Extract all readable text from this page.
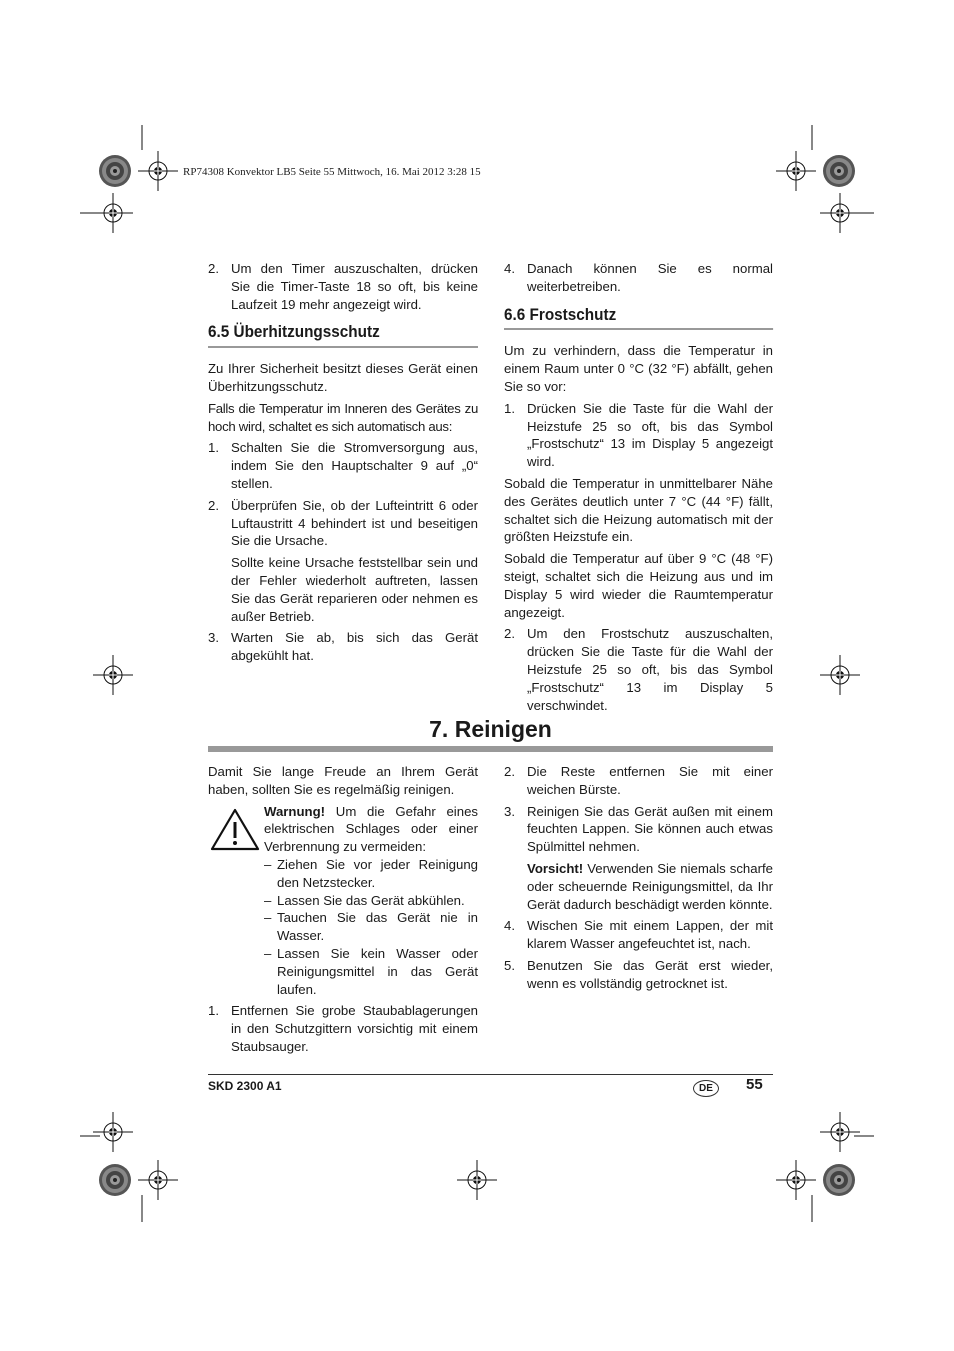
RP74308 Konvektor LB5 Seite 55 Mittwoch, 16. Mai 2012 3:28 15
2. Um den Timer auszuschalten, drücken Sie die Timer-Taste 18 so oft, bis keine Laufzeit 19 mehr angezeigt wird.
6.5 Überhitzungsschutz

Zu Ihrer Sicherheit besitzt dieses Gerät einen Überhitzungsschutz.

Falls die Temperatur im Inneren des Gerätes zu hoch wird, schaltet es sich automatisch aus:

1. Schalten Sie die Stromversorgung aus, indem Sie den Hauptschalter 9 auf „0“ stellen.
2. Überprüfen Sie, ob der Lufteintritt 6 oder Luftaustritt 4 behindert ist und beseitigen Sie die Ursache.
Sollte keine Ursache feststellbar sein und der Fehler wiederholt auftreten, lassen Sie das Gerät reparieren oder nehmen es außer Betrieb.
3. Warten Sie ab, bis sich das Gerät abgekühlt hat.
4. Danach können Sie es normal weiterbetreiben.
6.6 Frostschutz

Um zu verhindern, dass die Temperatur in einem Raum unter 0 °C (32 °F) abfällt, gehen Sie so vor:

1. Drücken Sie die Taste für die Wahl der Heizstufe 25 so oft, bis das Symbol „Frostschutz“ 13 im Display 5 angezeigt wird.

Sobald die Temperatur in unmittelbarer Nähe des Gerätes deutlich unter 7 °C (44 °F) fällt, schaltet sich die Heizung automatisch mit der größten Heizstufe ein.

Sobald die Temperatur auf über 9 °C (48 °F) steigt, schaltet sich die Heizung aus und im Display 5 wird wieder die Raumtemperatur angezeigt.

2. Um den Frostschutz auszuschalten, drücken Sie die Taste für die Wahl der Heizstufe 25 so oft, bis das Symbol „Frostschutz“ 13 im Display 5 verschwindet.
7. Reinigen

Damit Sie lange Freude an Ihrem Gerät haben, sollten Sie es regelmäßig reinigen.

Warnung! Um die Gefahr eines elektrischen Schlages oder einer Verbrennung zu vermeiden:

– Ziehen Sie vor jeder Reinigung den Netzstecker.
– Lassen Sie das Gerät abkühlen.
– Tauchen Sie das Gerät nie in Wasser.
– Lassen Sie kein Wasser oder Reinigungsmittel in das Gerät laufen.
1. Entfernen Sie grobe Staubablagerungen in den Schutzgittern vorsichtig mit einem Staubsauger.
2. Die Reste entfernen Sie mit einer weichen Bürste.
3. Reinigen Sie das Gerät außen mit einem feuchten Lappen. Sie können auch etwas Spülmittel nehmen.
Vorsicht! Verwenden Sie niemals scharfe oder scheuernde Reinigungsmittel, da Ihr Gerät dadurch beschädigt werden könnte.
4. Wischen Sie mit einem Lappen, der mit klarem Wasser angefeuchtet ist, nach.
5. Benutzen Sie das Gerät erst wieder, wenn es vollständig getrocknet ist.
SKD 2300 A1	DE	55
